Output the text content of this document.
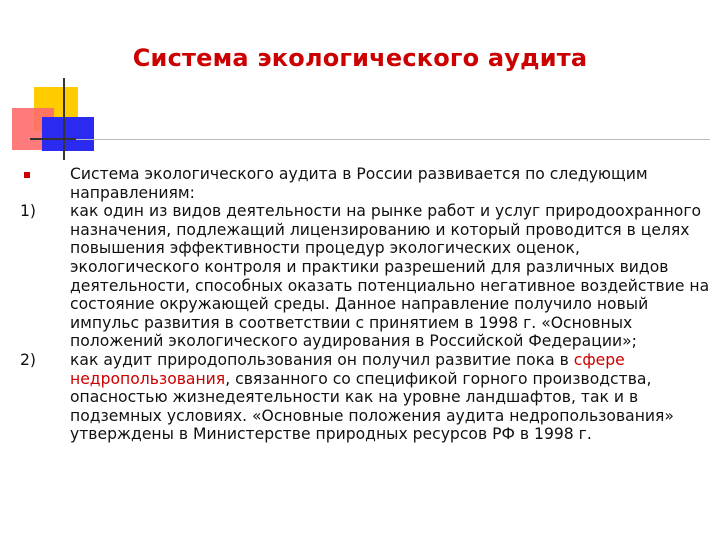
Система экологического аудита
Система экологического аудита в России развивается по следующим направлениям:
1) как один из видов деятельности на рынке работ и услуг природоохранного назначения, подлежащий лицензированию и который проводится в целях повышения эффективности процедур экологических оценок, экологического контроля и практики разрешений для различных видов деятельности, способных оказать потенциально негативное воздействие на состояние окружающей среды. Данное направление получило новый импульс развития в соответствии с принятием в 1998 г. «Основных положений экологического аудирования в Российской Федерации»;
2) как аудит природопользования он получил развитие пока в сфере недропользования, связанного со спецификой горного производства, опасностью жизнедеятельности как на уровне ландшафтов, так и в подземных условиях. «Основные положения аудита недропользования» утверждены в Министерстве природных ресурсов РФ в 1998 г.
